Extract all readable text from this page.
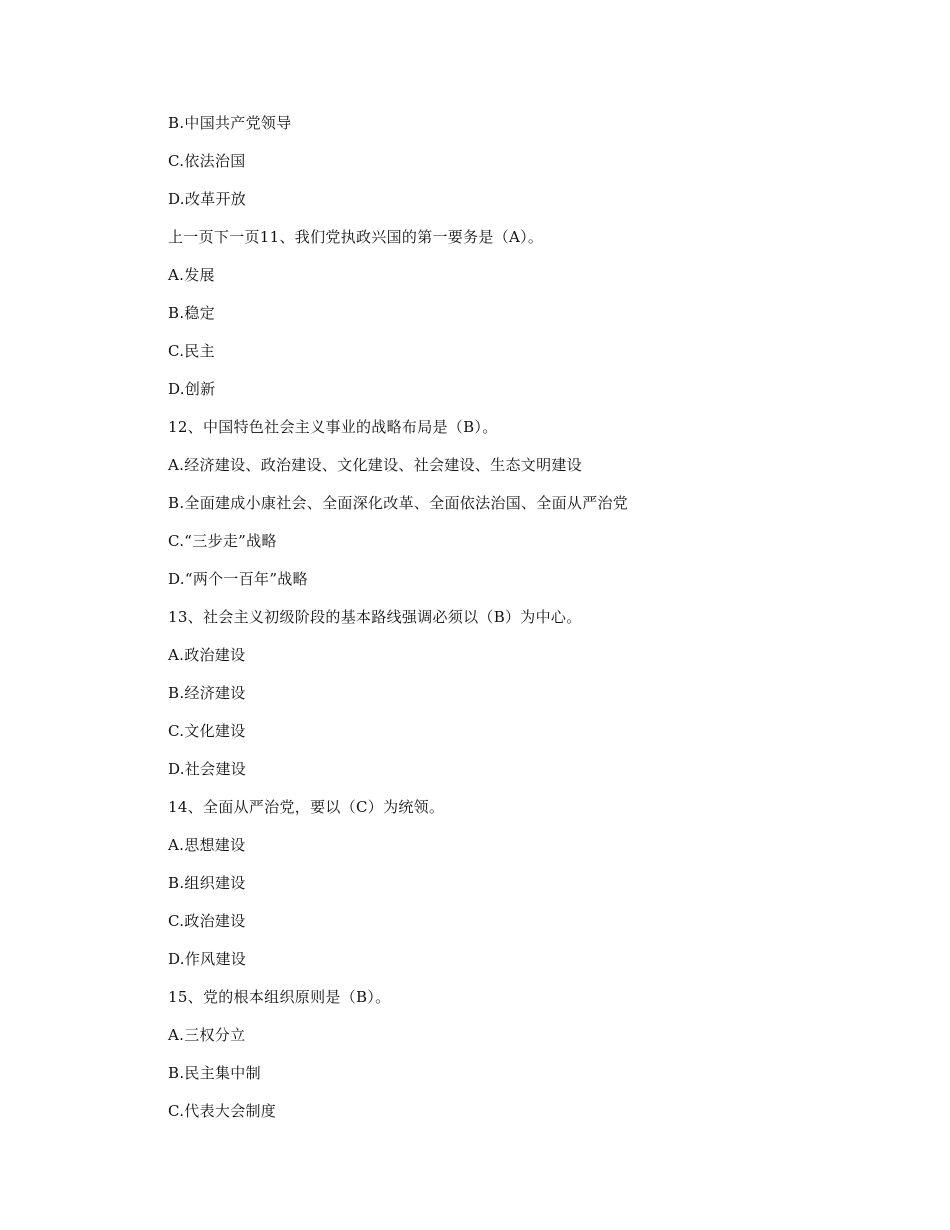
B.中国共产党领导
C.依法治国
D.改革开放
上一页下一页11、我们党执政兴国的第一要务是（A）。
A.发展
B.稳定
C.民主
D.创新
12、中国特色社会主义事业的战略布局是（B）。
A.经济建设、政治建设、文化建设、社会建设、生态文明建设
B.全面建成小康社会、全面深化改革、全面依法治国、全面从严治党
C.“三步走”战略
D.“两个一百年”战略
13、社会主义初级阶段的基本路线强调必须以（B）为中心。
A.政治建设
B.经济建设
C.文化建设
D.社会建设
14、全面从严治党，要以（C）为统领。
A.思想建设
B.组织建设
C.政治建设
D.作风建设
15、党的根本组织原则是（B）。
A.三权分立
B.民主集中制
C.代表大会制度
